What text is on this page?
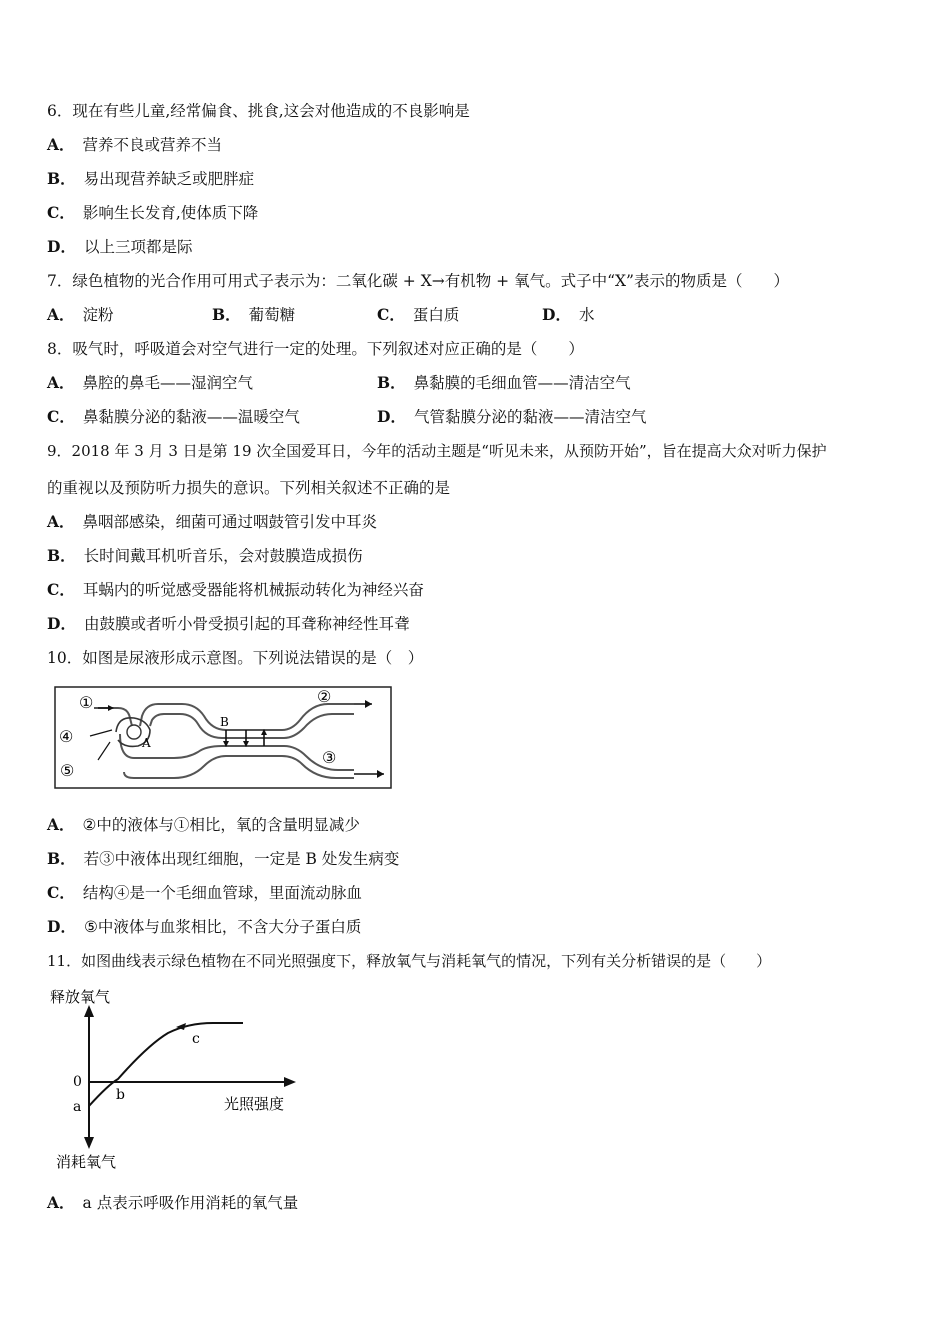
6．现在有些儿童,经常偏食、挑食,这会对他造成的不良影响是
A． 营养不良或营养不当
B． 易出现营养缺乏或肥胖症
C． 影响生长发育,使体质下降
D． 以上三项都是际
7．绿色植物的光合作用可用式子表示为：二氧化碳 + X→有机物 + 氧气。式子中“X”表示的物质是（　　）
A． 淀粉	B． 葡萄糖	C． 蛋白质	D． 水
8．吸气时，呼吸道会对空气进行一定的处理。下列叙述对应正确的是（　　）
A． 鼻腔的鼻毛——湿润空气	B． 鼻黏膜的毛细血管——清洁空气
C． 鼻黏膜分泌的黏液——温暖空气	D． 气管黏膜分泌的黏液——清洁空气
9．2018 年 3 月 3 日是第 19 次全国爱耳日，今年的活动主题是“听见未来，从预防开始”，旨在提高大众对听力保护
的重视以及预防听力损失的意识。下列相关叙述不正确的是
A． 鼻咽部感染，细菌可通过咽鼓管引发中耳炎
B． 长时间戴耳机听音乐，会对鼓膜造成损伤
C． 耳蜗内的听觉感受器能将机械振动转化为神经兴奋
D． 由鼓膜或者听小骨受损引起的耳聋称神经性耳聋
10．如图是尿液形成示意图。下列说法错误的是（　）
①	②
③
④
⑤
A
B
A． ②中的液体与①相比，氧的含量明显减少
B． 若③中液体出现红细胞，一定是 B 处发生病变
C． 结构④是一个毛细血管球，里面流动脉血
D． ⑤中液体与血浆相比，不含大分子蛋白质
11．如图曲线表示绿色植物在不同光照强度下，释放氧气与消耗氧气的情况，下列有关分析错误的是（　　）
释放氧气
消耗氧气
光照强度
0
a
b
c
A． a 点表示呼吸作用消耗的氧气量
